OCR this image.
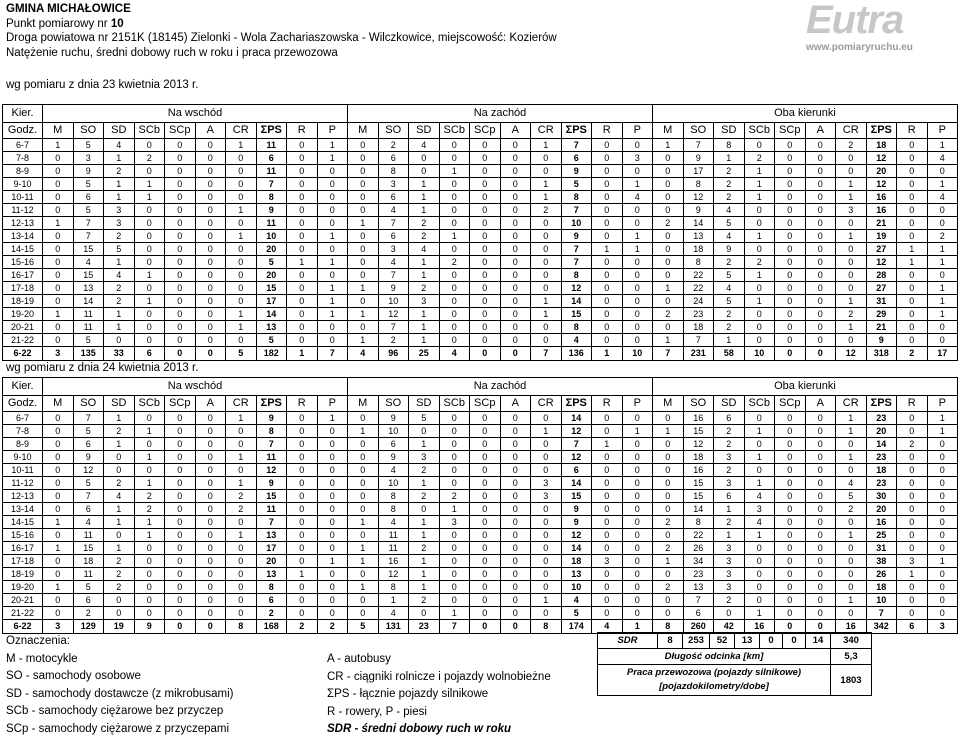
GMINA MICHAŁOWICE
Punkt pomiarowy nr 10
Droga powiatowa nr 2151K (18145) Zielonki - Wola Zachariaszowska - Wilczkowice, miejscowość: Kozierów
Natężenie ruchu, średni dobowy ruch w roku i praca przewozowa
Eutra
www.pomiaryruchu.eu
wg pomiaru z dnia 23 kwietnia 2013 r.
Kier.	Na wschód										Na zachód										Oba kierunki									
Godz.	M	SO	SD	SCb	SCp	A	CR	ΣPS	R	P	M	SO	SD	SCb	SCp	A	CR	ΣPS	R	P	M	SO	SD	SCb	SCp	A	CR	ΣPS	R	P
6-7	1	5	4	0	0	0	1	11	0	1	0	2	4	0	0	0	1	7	0	0	1	7	8	0	0	0	2	18	0	1
7-8	0	3	1	2	0	0	0	6	0	1	0	6	0	0	0	0	0	6	0	3	0	9	1	2	0	0	0	12	0	4
8-9	0	9	2	0	0	0	0	11	0	0	0	8	0	1	0	0	0	9	0	0	0	17	2	1	0	0	0	20	0	0
9-10	0	5	1	1	0	0	0	7	0	0	0	3	1	0	0	0	1	5	0	1	0	8	2	1	0	0	1	12	0	1
10-11	0	6	1	1	0	0	0	8	0	0	0	6	1	0	0	0	1	8	0	4	0	12	2	1	0	0	1	16	0	4
11-12	0	5	3	0	0	0	1	9	0	0	0	4	1	0	0	0	2	7	0	0	0	9	4	0	0	0	3	16	0	0
12-13	1	7	3	0	0	0	0	11	0	0	1	7	2	0	0	0	0	10	0	0	2	14	5	0	0	0	0	21	0	0
13-14	0	7	2	0	0	0	1	10	0	1	0	6	2	1	0	0	0	9	0	1	0	13	4	1	0	0	1	19	0	2
14-15	0	15	5	0	0	0	0	20	0	0	0	3	4	0	0	0	0	7	1	1	0	18	9	0	0	0	0	27	1	1
15-16	0	4	1	0	0	0	0	5	1	1	0	4	1	2	0	0	0	7	0	0	0	8	2	2	0	0	0	12	1	1
16-17	0	15	4	1	0	0	0	20	0	0	0	7	1	0	0	0	0	8	0	0	0	22	5	1	0	0	0	28	0	0
17-18	0	13	2	0	0	0	0	15	0	1	1	9	2	0	0	0	0	12	0	0	1	22	4	0	0	0	0	27	0	1
18-19	0	14	2	1	0	0	0	17	0	1	0	10	3	0	0	0	1	14	0	0	0	24	5	1	0	0	1	31	0	1
19-20	1	11	1	0	0	0	1	14	0	1	1	12	1	0	0	0	1	15	0	0	2	23	2	0	0	0	2	29	0	1
20-21	0	11	1	0	0	0	1	13	0	0	0	7	1	0	0	0	0	8	0	0	0	18	2	0	0	0	1	21	0	0
21-22	0	5	0	0	0	0	0	5	0	0	1	2	1	0	0	0	0	4	0	0	1	7	1	0	0	0	0	9	0	0
6-22	3	135	33	6	0	0	5	182	1	7	4	96	25	4	0	0	7	136	1	10	7	231	58	10	0	0	12	318	2	17
wg pomiaru z dnia 24 kwietnia 2013 r.
Kier.	Na wschód										Na zachód										Oba kierunki									
Godz.	M	SO	SD	SCb	SCp	A	CR	ΣPS	R	P	M	SO	SD	SCb	SCp	A	CR	ΣPS	R	P	M	SO	SD	SCb	SCp	A	CR	ΣPS	R	P
6-7	0	7	1	0	0	0	1	9	0	1	0	9	5	0	0	0	0	14	0	0	0	16	6	0	0	0	1	23	0	1
7-8	0	5	2	1	0	0	0	8	0	0	1	10	0	0	0	0	1	12	0	1	1	15	2	1	0	0	1	20	0	1
8-9	0	6	1	0	0	0	0	7	0	0	0	6	1	0	0	0	0	7	1	0	0	12	2	0	0	0	0	14	2	0
9-10	0	9	0	1	0	0	1	11	0	0	0	9	3	0	0	0	0	12	0	0	0	18	3	1	0	0	1	23	0	0
10-11	0	12	0	0	0	0	0	12	0	0	0	4	2	0	0	0	0	6	0	0	0	16	2	0	0	0	0	18	0	0
11-12	0	5	2	1	0	0	1	9	0	0	0	10	1	0	0	0	3	14	0	0	0	15	3	1	0	0	4	23	0	0
12-13	0	7	4	2	0	0	2	15	0	0	0	8	2	2	0	0	3	15	0	0	0	15	6	4	0	0	5	30	0	0
13-14	0	6	1	2	0	0	2	11	0	0	0	8	0	1	0	0	0	9	0	0	0	14	1	3	0	0	2	20	0	0
14-15	1	4	1	1	0	0	0	7	0	0	1	4	1	3	0	0	0	9	0	0	2	8	2	4	0	0	0	16	0	0
15-16	0	11	0	1	0	0	1	13	0	0	0	11	1	0	0	0	0	12	0	0	0	22	1	1	0	0	1	25	0	0
16-17	1	15	1	0	0	0	0	17	0	0	1	11	2	0	0	0	0	14	0	0	2	26	3	0	0	0	0	31	0	0
17-18	0	18	2	0	0	0	0	20	0	1	1	16	1	0	0	0	0	18	3	0	1	34	3	0	0	0	0	38	3	1
18-19	0	11	2	0	0	0	0	13	1	0	0	12	1	0	0	0	0	13	0	0	0	23	3	0	0	0	0	26	1	0
19-20	1	5	2	0	0	0	0	8	0	0	1	8	1	0	0	0	0	10	0	0	2	13	3	0	0	0	0	18	0	0
20-21	0	6	0	0	0	0	0	6	0	0	0	1	2	0	0	0	1	4	0	0	0	7	2	0	0	0	1	10	0	0
21-22	0	2	0	0	0	0	0	2	0	0	0	4	0	1	0	0	0	5	0	0	0	6	0	1	0	0	0	7	0	0
6-22	3	129	19	9	0	0	8	168	2	2	5	131	23	7	0	0	8	174	4	1	8	260	42	16	0	0	16	342	6	3
Oznaczenia:
M - motocykle
SO - samochody osobowe
SD - samochody dostawcze (z mikrobusami)
SCb - samochody ciężarowe bez przyczep
SCp - samochody ciężarowe z przyczepami
A - autobusy
CR - ciągniki rolnicze i pojazdy wolnobieżne
ΣPS - łącznie pojazdy silnikowe
R - rowery, P - piesi
SDR - średni dobowy ruch w roku
SDR	8	253	52	13	0	0	14	340
Długość odcinka [km]								5,3
Praca przewozowa (pojazdy silnikowe)
[pojazdokilometry/dobe]								1803
